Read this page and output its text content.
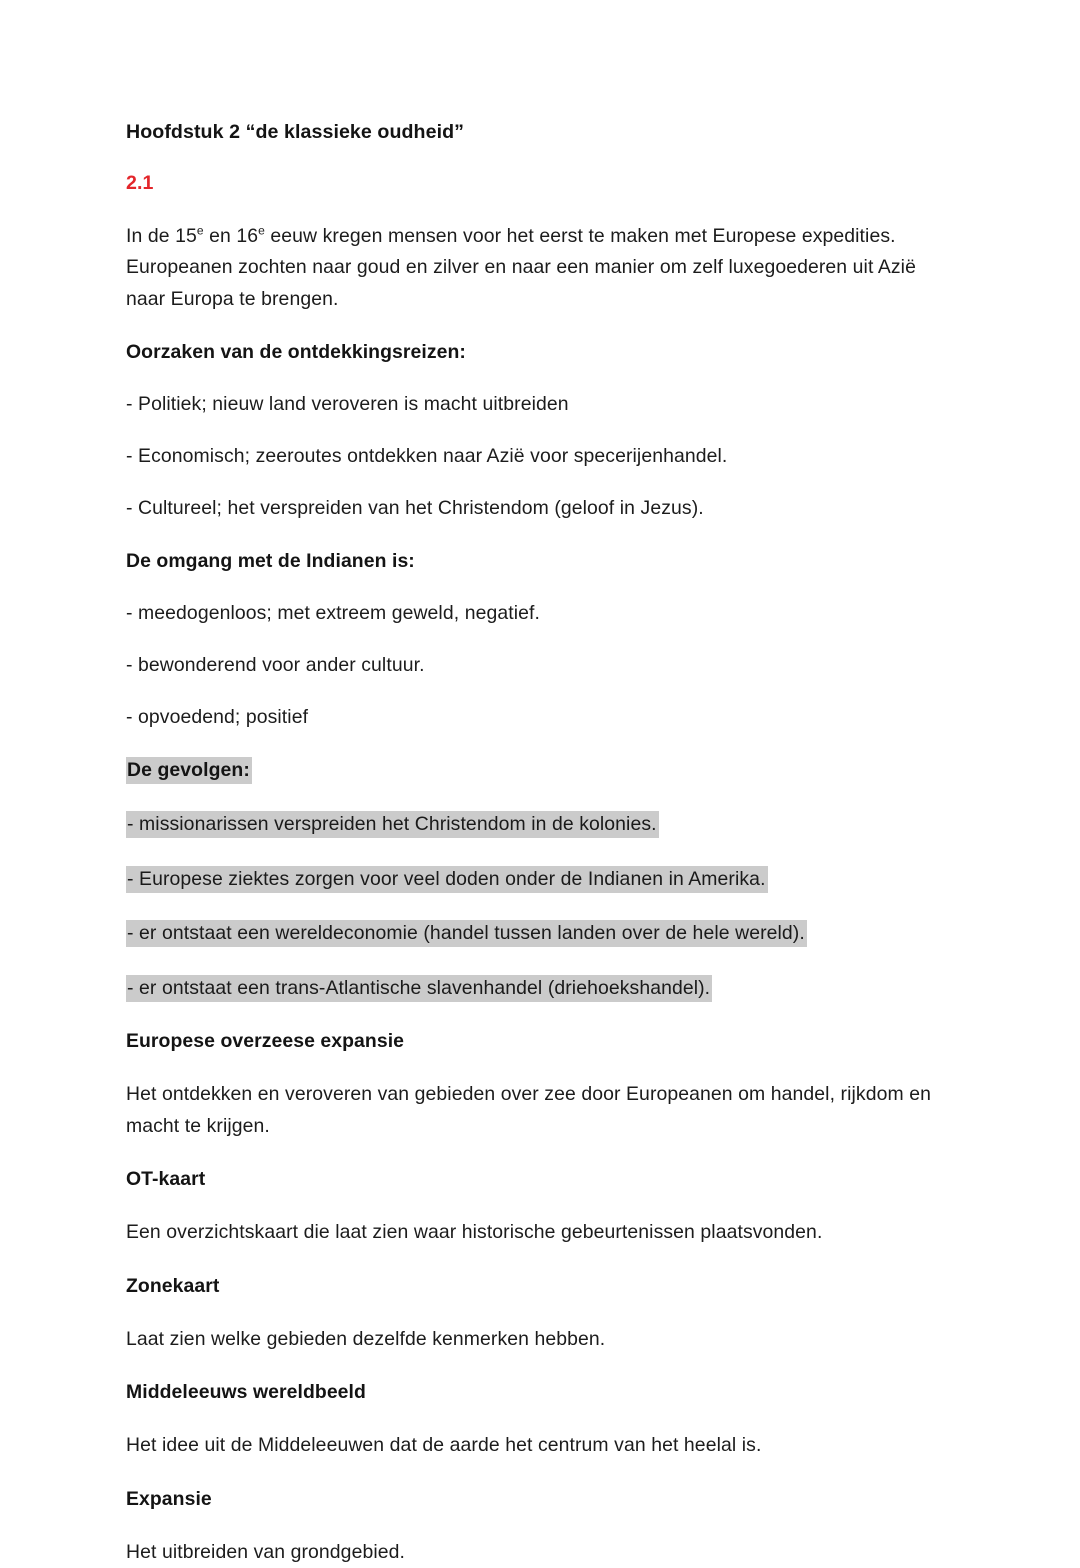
Hoofdstuk 2 “de klassieke oudheid”

2.1

In de 15e en 16e eeuw kregen mensen voor het eerst te maken met Europese expedities. Europeanen zochten naar goud en zilver en naar een manier om zelf luxegoederen uit Azië naar Europa te brengen.

Oorzaken van de ontdekkingsreizen:

- Politiek; nieuw land veroveren is macht uitbreiden

- Economisch; zeeroutes ontdekken naar Azië voor specerijenhandel.

- Cultureel; het verspreiden van het Christendom (geloof in Jezus).

De omgang met de Indianen is:

- meedogenloos; met extreem geweld, negatief.

- bewonderend voor ander cultuur.

- opvoedend; positief

De gevolgen:

- missionarissen verspreiden het Christendom in de kolonies.

- Europese ziektes zorgen voor veel doden onder de Indianen in Amerika.

- er ontstaat een wereldeconomie (handel tussen landen over de hele wereld).

- er ontstaat een trans-Atlantische slavenhandel (driehoekshandel).

Europese overzeese expansie

Het ontdekken en veroveren van gebieden over zee door Europeanen om handel, rijkdom en macht te krijgen.

OT-kaart

Een overzichtskaart die laat zien waar historische gebeurtenissen plaatsvonden.

Zonekaart

Laat zien welke gebieden dezelfde kenmerken hebben.

Middeleeuws wereldbeeld

Het idee uit de Middeleeuwen dat de aarde het centrum van het heelal is.

Expansie

Het uitbreiden van grondgebied.
